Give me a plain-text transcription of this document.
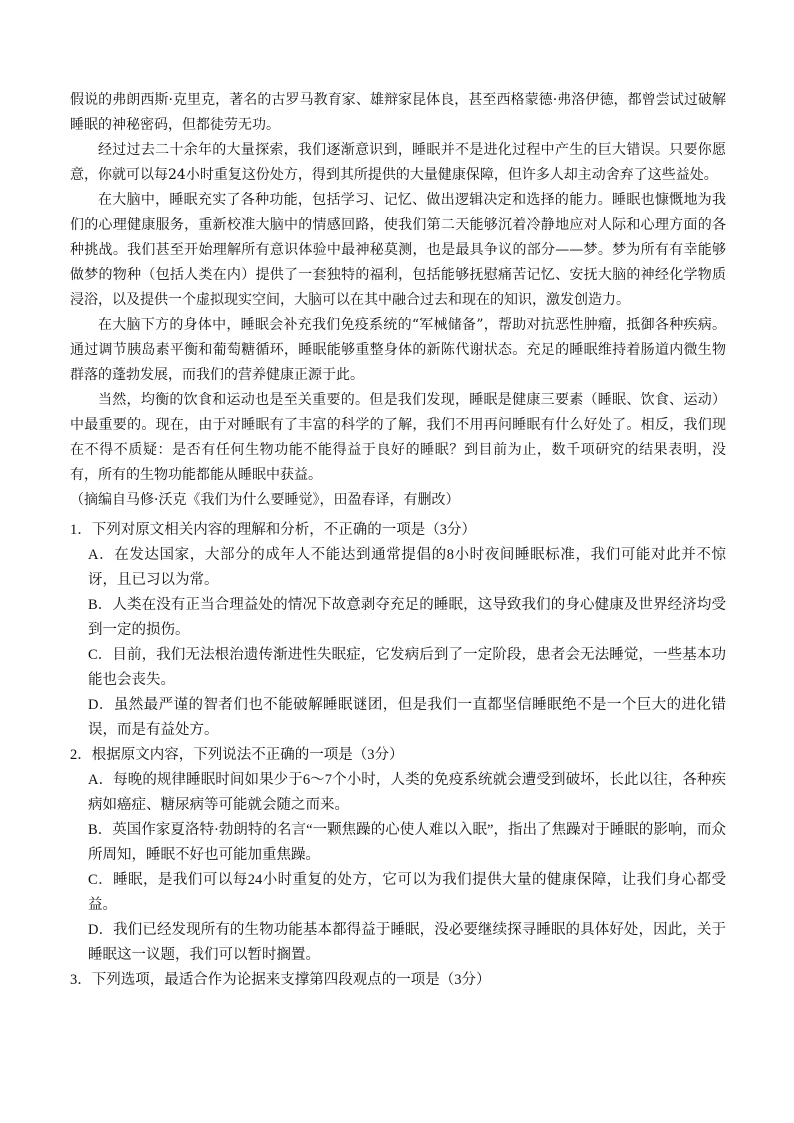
假说的弗朗西斯·克里克，著名的古罗马教育家、雄辩家昆体良，甚至西格蒙德·弗洛伊德，都曾尝试过破解睡眠的神秘密码，但都徒劳无功。

经过过去二十余年的大量探索，我们逐渐意识到，睡眠并不是进化过程中产生的巨大错误。只要你愿意，你就可以每24小时重复这份处方，得到其所提供的大量健康保障，但许多人却主动舍弃了这些益处。

在大脑中，睡眠充实了各种功能，包括学习、记忆、做出逻辑决定和选择的能力。睡眠也慷慨地为我们的心理健康服务，重新校准大脑中的情感回路，使我们第二天能够沉着冷静地应对人际和心理方面的各种挑战。我们甚至开始理解所有意识体验中最神秘莫测，也是最具争议的部分——梦。梦为所有有幸能够做梦的物种（包括人类在内）提供了一套独特的福利，包括能够抚慰痛苦记忆、安抚大脑的神经化学物质浸浴，以及提供一个虚拟现实空间，大脑可以在其中融合过去和现在的知识，激发创造力。

在大脑下方的身体中，睡眠会补充我们免疫系统的“军械储备”，帮助对抗恶性肿瘤，抵御各种疾病。通过调节胰岛素平衡和葡萄糖循环，睡眠能够重整身体的新陈代谢状态。充足的睡眠维持着肠道内微生物群落的蓬勃发展，而我们的营养健康正源于此。

当然，均衡的饮食和运动也是至关重要的。但是我们发现，睡眠是健康三要素（睡眠、饮食、运动）中最重要的。现在，由于对睡眠有了丰富的科学的了解，我们不用再问睡眠有什么好处了。相反，我们现在不得不质疑：是否有任何生物功能不能得益于良好的睡眠？到目前为止，数千项研究的结果表明，没有，所有的生物功能都能从睡眠中获益。

（摘编自马修·沃克《我们为什么要睡觉》，田盈春译，有删改）

1．下列对原文相关内容的理解和分析，不正确的一项是（3分）

A．在发达国家，大部分的成年人不能达到通常提倡的8小时夜间睡眠标准，我们可能对此并不惊讶，且已习以为常。

B．人类在没有正当合理益处的情况下故意剥夺充足的睡眠，这导致我们的身心健康及世界经济均受到一定的损伤。

C．目前，我们无法根治遗传渐进性失眠症，它发病后到了一定阶段，患者会无法睡觉，一些基本功能也会丧失。

D．虽然最严谨的智者们也不能破解睡眠谜团，但是我们一直都坚信睡眠绝不是一个巨大的进化错误，而是有益处方。

2．根据原文内容，下列说法不正确的一项是（3分）

A．每晚的规律睡眠时间如果少于6～7个小时，人类的免疫系统就会遭受到破坏，长此以往，各种疾病如癌症、糖尿病等可能就会随之而来。

B．英国作家夏洛特·勃朗特的名言“一颗焦躁的心使人难以入眠”，指出了焦躁对于睡眠的影响，而众所周知，睡眠不好也可能加重焦躁。

C．睡眠，是我们可以每24小时重复的处方，它可以为我们提供大量的健康保障，让我们身心都受益。

D．我们已经发现所有的生物功能基本都得益于睡眠，没必要继续探寻睡眠的具体好处，因此，关于睡眠这一议题，我们可以暂时搁置。

3．下列选项，最适合作为论据来支撑第四段观点的一项是（3分）
